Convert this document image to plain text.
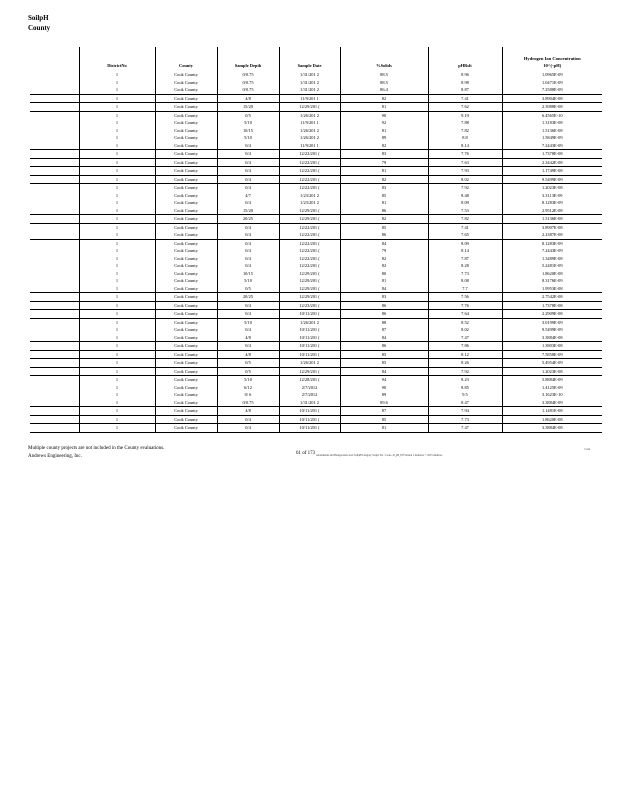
SoilpH
County
	DistrictNo	County	Sample Depth	Sample Date	%Solids	pHRslt	Hydrogen Ion Concentration
10^(-pH)

	1	Cook County	0/0.75	1/31/201 2	88.5	8.96	1.0965E-09
	1	Cook County	0/0.75	1/31/201 2	88.5	8.98	1.0471E-09
	1	Cook County	0/0.75	1/31/201 2	86.4	8.87	7.2588E-09
	1	Cook County	4/8	11/9/201 1	82	7.41	3.8904E-08
	1	Cook County	15/20	12/29/201 (	81	7.62	2.3988E-08
	1	Cook County	0/5	1/26/201 2	90	9.19	6.4565E-10
	1	Cook County	5/10	11/9/201 1	92	7.88	1.3183E-08
	1	Cook County	10/15	1/26/201 2	81	7.82	1.5136E-08
	1	Cook County	5/10	1/26/201 2	89	8.8	1.5849E-09
	1	Cook County	0/4	11/9/201 1	82	8.14	7.2443E-09
	1	Cook County	0/4	12/22/201 (	83	7.76	1.7378E-08
	1	Cook County	0/4	12/22/201 (	79	7.63	2.3442E-08
	1	Cook County	0/4	12/22/201 (	81	7.93	1.1749E-08
	1	Cook County	0/4	12/22/201 (	82	8.02	9.5499E-09
	1	Cook County	0/4	12/22/201 (	83	7.92	1.2023E-08
	1	Cook County	4/7	1/23/201 2	85	8.48	3.3113E-09
	1	Cook County	0/4	1/23/201 2	81	8.09	8.1283E-09
	1	Cook County	15/20	12/29/201 (	86	7.53	2.9512E-08
	1	Cook County	20/25	12/29/201 (	82	7.82	1.5136E-08
	1	Cook County	0/4	12/22/201 (	85	7.41	3.8907E-08
	1	Cook County	0/4	12/22/201 (	86	7.65	2.2387E-08
	1	Cook County	0/4	12/22/201 (	84	8.09	8.1283E-09
	1	Cook County	0/4	12/22/201 (	79	8.14	7.2443E-09
	1	Cook County	0/4	12/22/201 (	82	7.87	1.3489E-08
	1	Cook County	0/4	12/22/201 (	82	8.28	5.2481E-09
	1	Cook County	10/15	12/29/201 (	80	7.73	1.8620E-08
	1	Cook County	5/10	12/29/201 (	81	8.08	8.3176E-09
	1	Cook County	0/5	12/29/201 (	84	7.7	1.9953E-08
	1	Cook County	20/25	12/29/201 (	83	7.56	2.7542E-08
	1	Cook County	0/4	12/23/201 (	86	7.76	1.7378E-08
	1	Cook County	0/4	10/11/201 (	86	7.64	2.2909E-08
	1	Cook County	5/10	1/26/201 2	88	8.52	3.0199E-09
	1	Cook County	0/4	10/11/201 (	87	8.02	9.5499E-09
	1	Cook County	4/8	10/11/201 (	84	7.47	3.3884E-08
	1	Cook County	0/4	10/11/201 (	86	7.86	1.3803E-08
	1	Cook County	4/8	10/11/201 (	85	8.12	7.5858E-09
	1	Cook County	0/5	1/26/201 2	85	8.26	5.4954E-09
	1	Cook County	0/5	12/29/201 (	84	7.92	1.2023E-08
	1	Cook County	5/10	12/28/201 (	94	8.23	5.8884E-09
	1	Cook County	6/12	2/7/2012	90	8.85	1.4125E-09
	1	Cook County	0/ 6	2/7/2012	89	9.5	3.1623E-10
	1	Cook County	0/0.75	1/31/201 2	89.6	8.47	3.3884E-09
	1	Cook County	4/8	10/11/201 (	87	7.94	1.1481E-08
	1	Cook County	0/4	10/11/201 (	85	7.73	1.8620E-08
	1	Cook County	0/4	10/11/201 (	81	7.47	3.3884E-08
Multiple county projects are not included in the County evaluations.
Andrews Engineering, Inc.
Code
61 of 173 Attachments and Background Level SoilpH/Category Soilpz Yrs.: Cook...D_pH_Eff Version 1 Andrews © 2013 Andrews
